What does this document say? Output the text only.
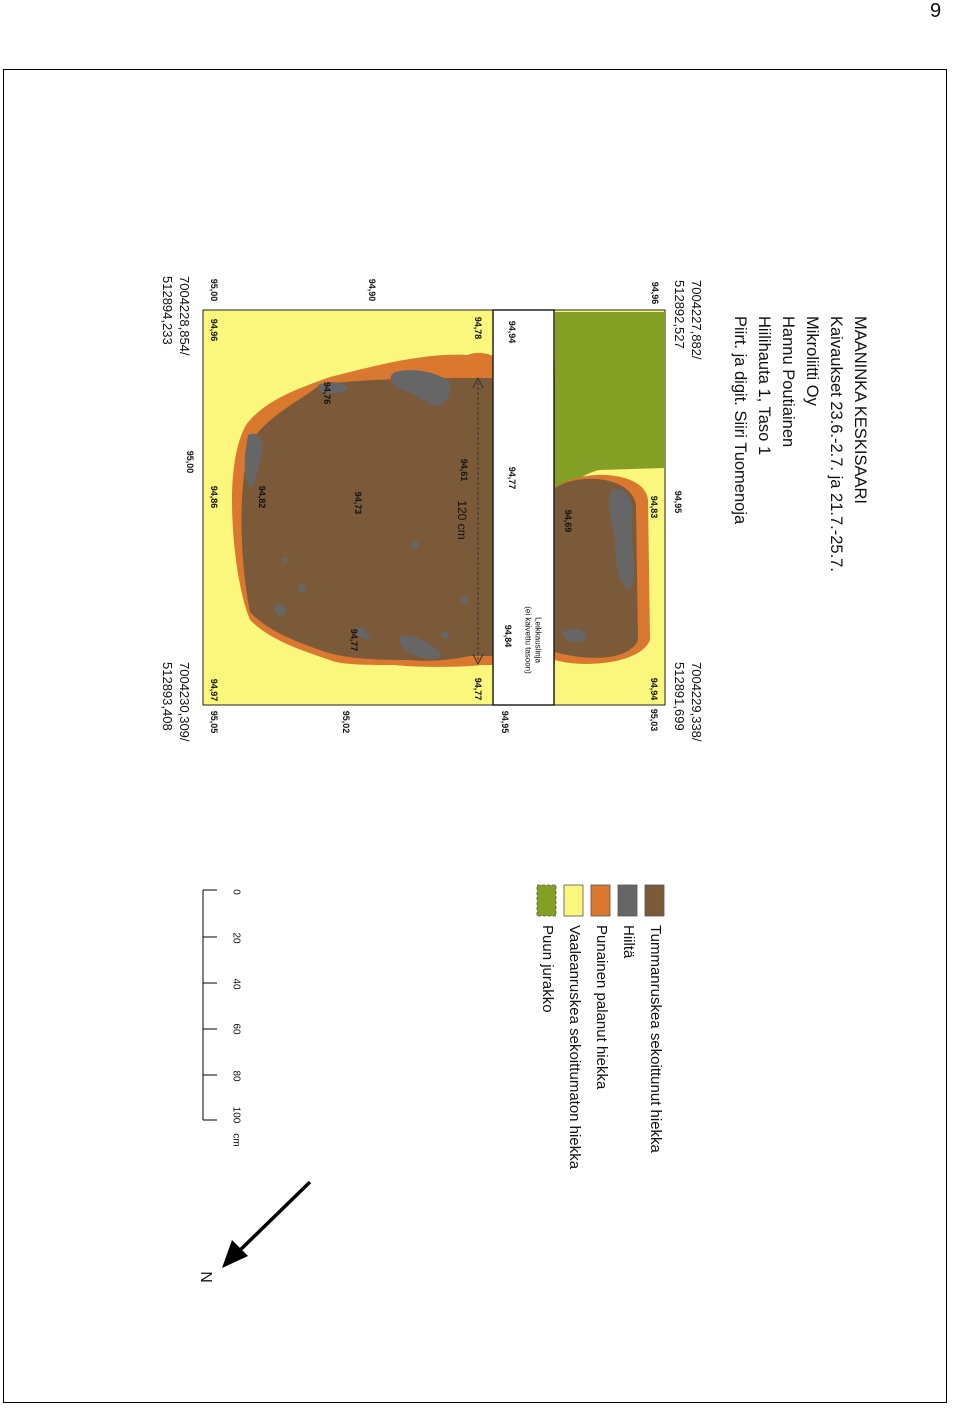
9
MAANINKA KESKISAARI
Kaivaukset 23.6.-2.7. ja 21.7.-25.7.
Mikroliitti Oy
Hannu Poutiainen
Hiilihauta 1, Taso 1
Piirt. ja digit. Siiri Tuomenoja
7004227,882/
512892,527
7004229,338/
512891,699
7004228,854/
512894,233
7004230,309/
512893,408
94,96
94,95
94,83
94,94
95,03
94,78	94,94
94,77
94,69
94,84
94,77
94,95
94,61
94,76
94,73
94,77
94,90
95,02
94,82
94,96
94,86
94,97
95,00
95,05
95,00
120 cm
Leikkauslinja
(ei kaivettu tasoon)
Tummanruskea sekoittunut hiekka
Hiiltä
Punainen palanut hiekka
Vaaleanruskea sekoittumaton hiekka
Puun jurakko
0
20
40
60
80
100
cm
N
